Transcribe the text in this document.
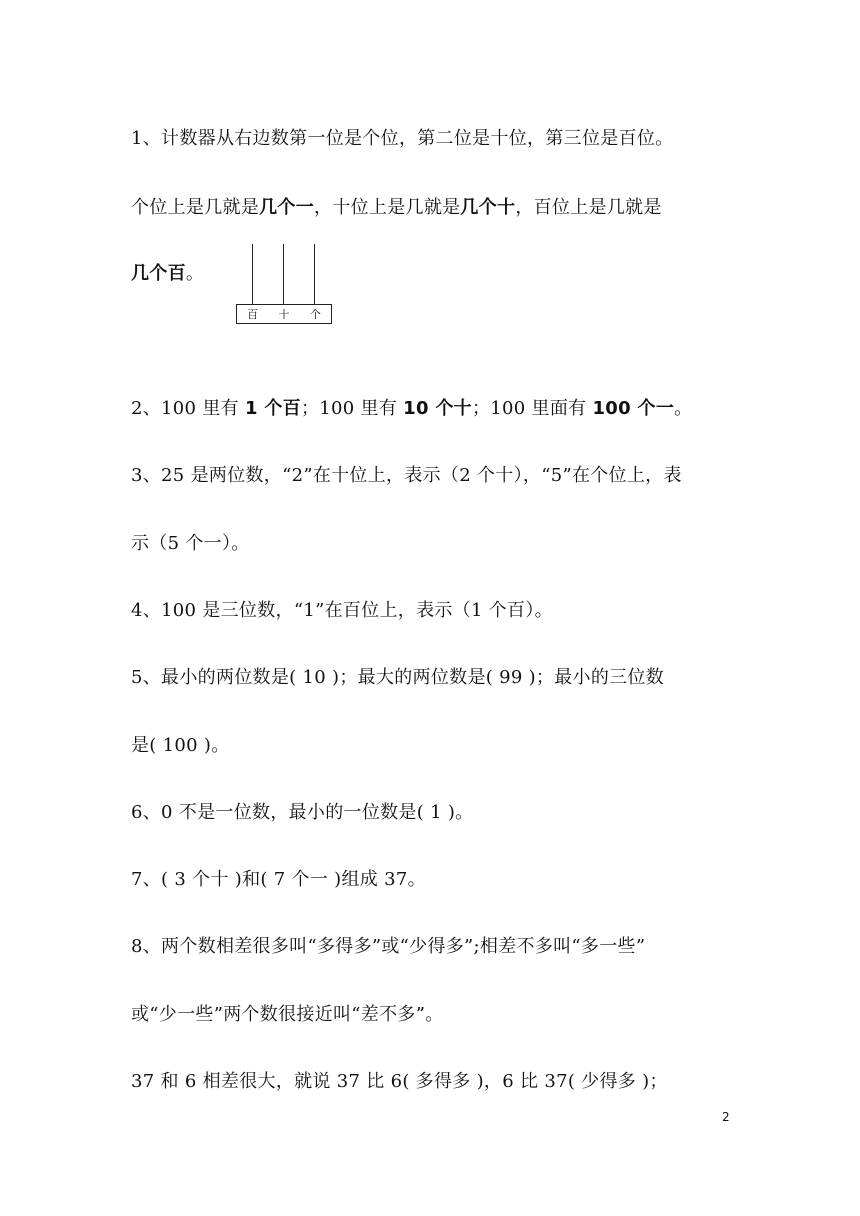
1、计数器从右边数第一位是个位，第二位是十位，第三位是百位。

个位上是几就是几个一，十位上是几就是几个十，百位上是几就是

几个百。

百 十 个

2、100 里有 1 个百；100 里有 10 个十；100 里面有 100 个一。

3、25 是两位数，“2”在十位上，表示（2 个十），“5”在个位上，表

示（5 个一）。

4、100 是三位数，“1”在百位上，表示（1 个百）。

5、最小的两位数是( 10 )；最大的两位数是( 99 )；最小的三位数

是( 100 )。

6、0 不是一位数，最小的一位数是( 1 )。

7、( 3 个十 )和( 7 个一 )组成 37。

8、两个数相差很多叫“多得多”或“少得多”;相差不多叫“多一些”

或“少一些”两个数很接近叫“差不多”。

37 和 6 相差很大，就说 37 比 6( 多得多 )，6 比 37( 少得多 )；

2
